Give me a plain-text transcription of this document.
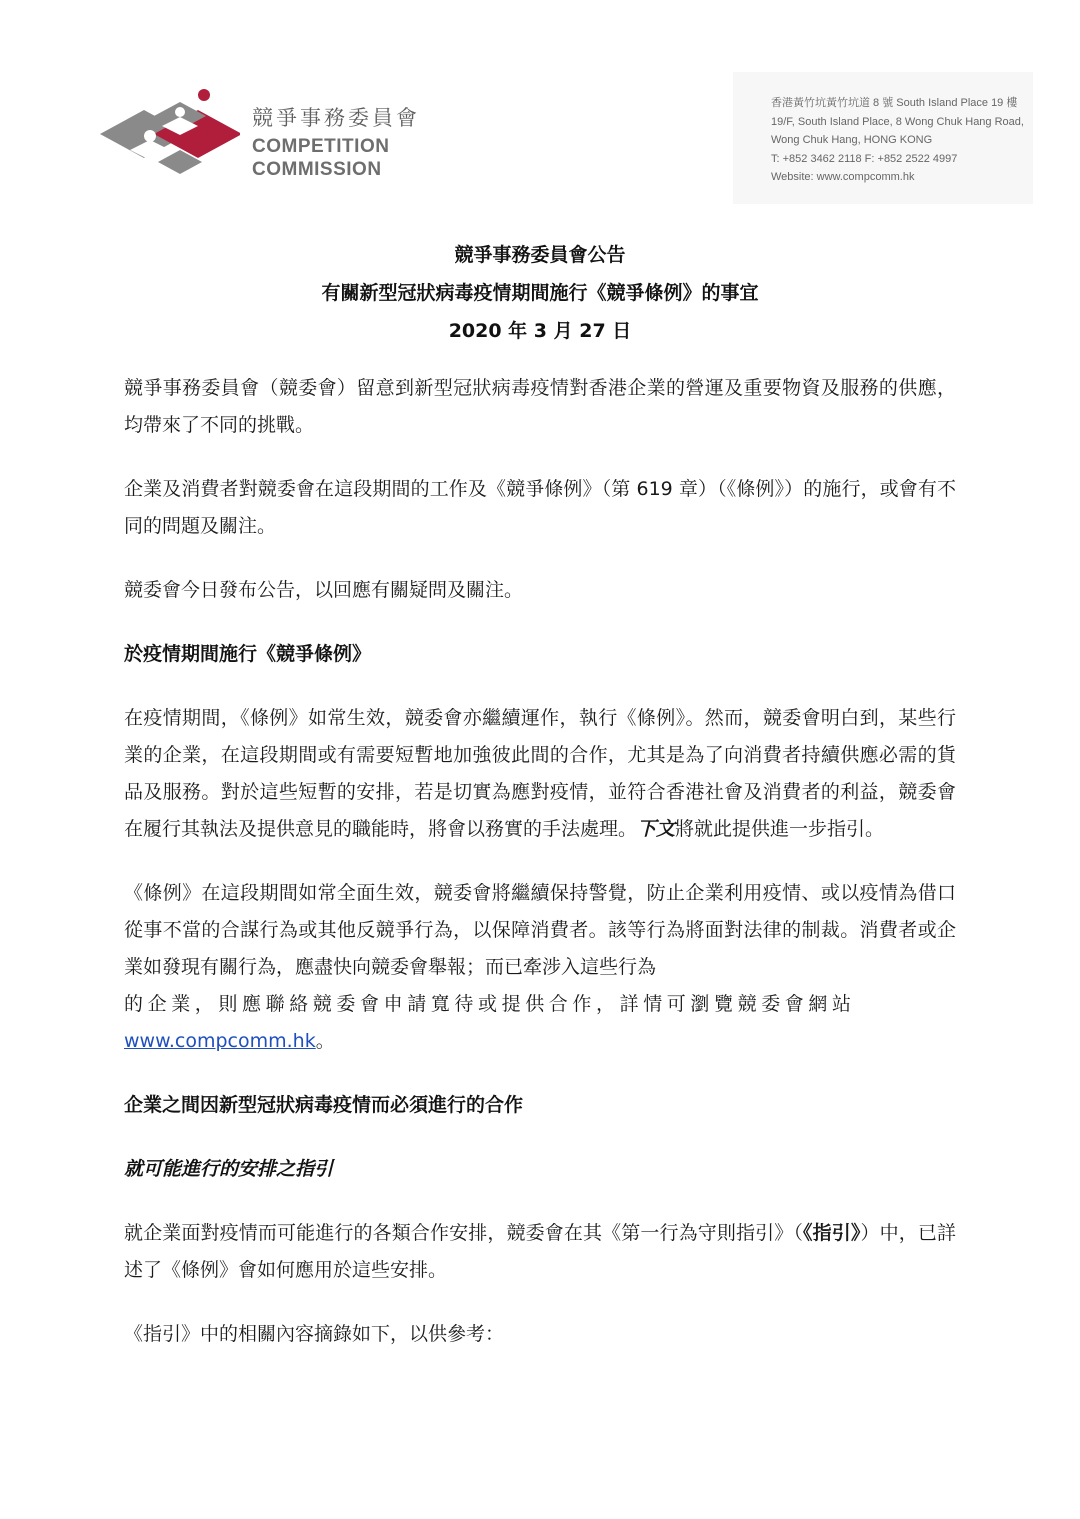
競爭事務委員會
COMPETITION
COMMISSION
香港黃竹坑黃竹坑道 8 號 South Island Place 19 樓
19/F, South Island Place, 8 Wong Chuk Hang Road,
Wong Chuk Hang, HONG KONG
T: +852 3462 2118 F: +852 2522 4997
Website: www.compcomm.hk
競爭事務委員會公告
有關新型冠狀病毒疫情期間施行《競爭條例》的事宜
2020 年 3 月 27 日

競爭事務委員會（競委會）留意到新型冠狀病毒疫情對香港企業的營運及重要物資及服務的供應，均帶來了不同的挑戰。

企業及消費者對競委會在這段期間的工作及《競爭條例》（第 619 章）（《條例》）的施行，或會有不同的問題及關注。

競委會今日發布公告，以回應有關疑問及關注。

於疫情期間施行《競爭條例》

在疫情期間，《條例》如常生效，競委會亦繼續運作，執行《條例》。然而，競委會明白到，某些行業的企業，在這段期間或有需要短暫地加強彼此間的合作，尤其是為了向消費者持續供應必需的貨品及服務。對於這些短暫的安排，若是切實為應對疫情，並符合香港社會及消費者的利益，競委會在履行其執法及提供意見的職能時，將會以務實的手法處理。下文將就此提供進一步指引。

《條例》在這段期間如常全面生效，競委會將繼續保持警覺，防止企業利用疫情、或以疫情為借口從事不當的合謀行為或其他反競爭行為，以保障消費者。該等行為將面對法律的制裁。消費者或企業如發現有關行為，應盡快向競委會舉報；而已牽涉入這些行為
的企業，則應聯絡競委會申請寬待或提供合作，詳情可瀏覽競委會網站
www.compcomm.hk。

企業之間因新型冠狀病毒疫情而必須進行的合作

就可能進行的安排之指引

就企業面對疫情而可能進行的各類合作安排，競委會在其《第一行為守則指引》（《指引》）中，已詳述了《條例》會如何應用於這些安排。

《指引》中的相關內容摘錄如下，以供參考：
